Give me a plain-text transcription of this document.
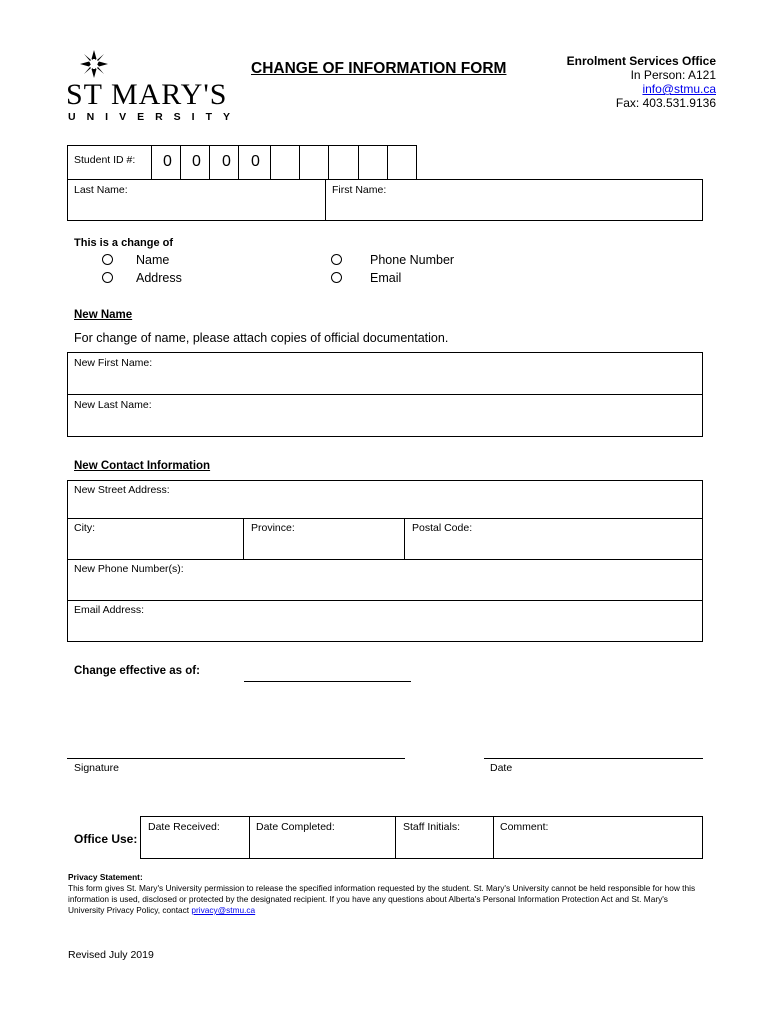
ST MARY'S
UNIVERSITY
CHANGE OF INFORMATION FORM	Enrolment Services Office
In Person: A121
info@stmu.ca
Fax: 403.531.9136
Student ID #: 0 0 0 0
Last Name:	First Name:
This is a change of
Name
Address
Phone Number
Email
New Name
For change of name, please attach copies of official documentation.
New First Name:
New Last Name:
New Contact Information
New Street Address:
City:	Province:	Postal Code:
New Phone Number(s):
Email Address:
Change effective as of:
Signature	Date
Office Use:
Date Received:	Date Completed:	Staff Initials:	Comment:
Privacy Statement:
This form gives St. Mary's University permission to release the specified information requested by the student. St. Mary's University cannot be held responsible for how this information is used, disclosed or protected by the designated recipient. If you have any questions about Alberta's Personal Information Protection Act and St. Mary's University Privacy Policy, contact privacy@stmu.ca
Revised July 2019
